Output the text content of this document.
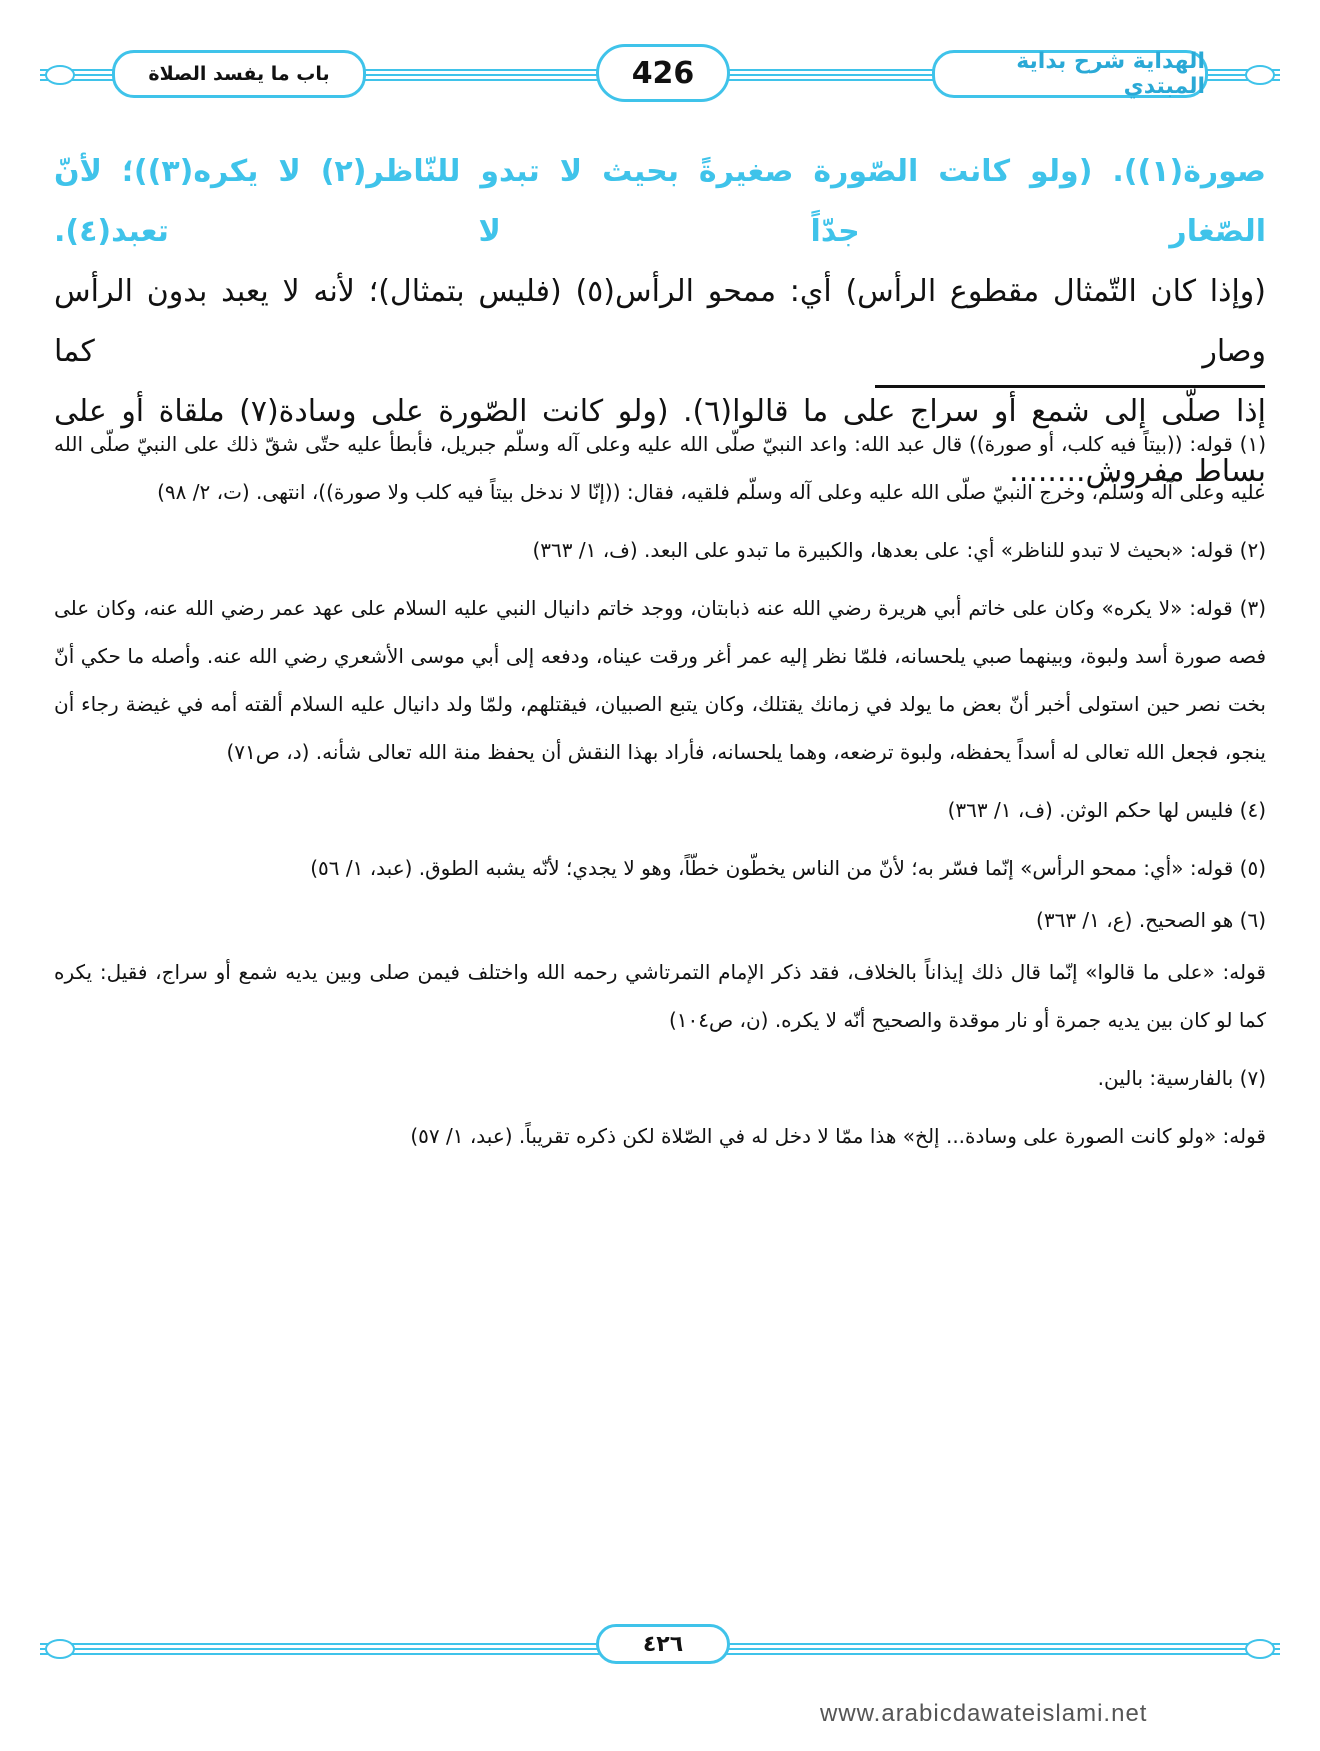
باب ما يفسد الصلاة	426	الهداية شرح بداية المبتدي

صورة(١)). (ولو كانت الصّورة صغيرةً بحيث لا تبدو للنّاظر(٢) لا يكره(٣))؛ لأنّ الصّغار جدّاً لا تعبد(٤).

(وإذا كان التّمثال مقطوع الرأس) أي: ممحو الرأس(٥) (فليس بتمثال)؛ لأنه لا يعبد بدون الرأس وصار كما

إذا صلّى إلى شمع أو سراج على ما قالوا(٦). (ولو كانت الصّورة على وسادة(٧) ملقاة أو على بساط مفروش........

(١) قوله: ((بيتاً فيه كلب، أو صورة)) قال عبد الله: واعد النبيّ صلّى الله عليه وعلى آله وسلّم جبريل، فأبطأ عليه حتّى شقّ ذلك على النبيّ صلّى الله عليه وعلى آله وسلّم، وخرج النبيّ صلّى الله عليه وعلى آله وسلّم فلقيه، فقال: ((إنّا لا ندخل بيتاً فيه كلب ولا صورة))، انتهى. (ت، ٢/ ٩٨)

(٢) قوله: «بحيث لا تبدو للناظر» أي: على بعدها، والكبيرة ما تبدو على البعد. (ف، ١/ ٣٦٣)

(٣) قوله: «لا يكره» وكان على خاتم أبي هريرة رضي الله عنه ذبابتان، ووجد خاتم دانيال النبي عليه السلام على عهد عمر رضي الله عنه، وكان على فصه صورة أسد ولبوة، وبينهما صبي يلحسانه، فلمّا نظر إليه عمر أغر ورقت عيناه، ودفعه إلى أبي موسى الأشعري رضي الله عنه. وأصله ما حكي أنّ بخت نصر حين استولى أخبر أنّ بعض ما يولد في زمانك يقتلك، وكان يتبع الصبيان، فيقتلهم، ولمّا ولد دانيال عليه السلام ألقته أمه في غيضة رجاء أن ينجو، فجعل الله تعالى له أسداً يحفظه، ولبوة ترضعه، وهما يلحسانه، فأراد بهذا النقش أن يحفظ منة الله تعالى شأنه. (د، ص٧١)

(٤) فليس لها حكم الوثن. (ف، ١/ ٣٦٣)

(٥) قوله: «أي: ممحو الرأس» إنّما فسّر به؛ لأنّ من الناس يخطّون خطّاً، وهو لا يجدي؛ لأنّه يشبه الطوق. (عبد، ١/ ٥٦)

(٦) هو الصحيح. (ع، ١/ ٣٦٣)

قوله: «على ما قالوا» إنّما قال ذلك إيذاناً بالخلاف، فقد ذكر الإمام التمرتاشي رحمه الله واختلف فيمن صلى وبين يديه شمع أو سراج، فقيل: يكره كما لو كان بين يديه جمرة أو نار موقدة والصحيح أنّه لا يكره. (ن، ص١٠٤)

(٧) بالفارسية: بالين.

قوله: «ولو كانت الصورة على وسادة... إلخ» هذا ممّا لا دخل له في الصّلاة لكن ذكره تقريباً. (عبد، ١/ ٥٧)

٤٢٦
www.arabicdawateislami.net
